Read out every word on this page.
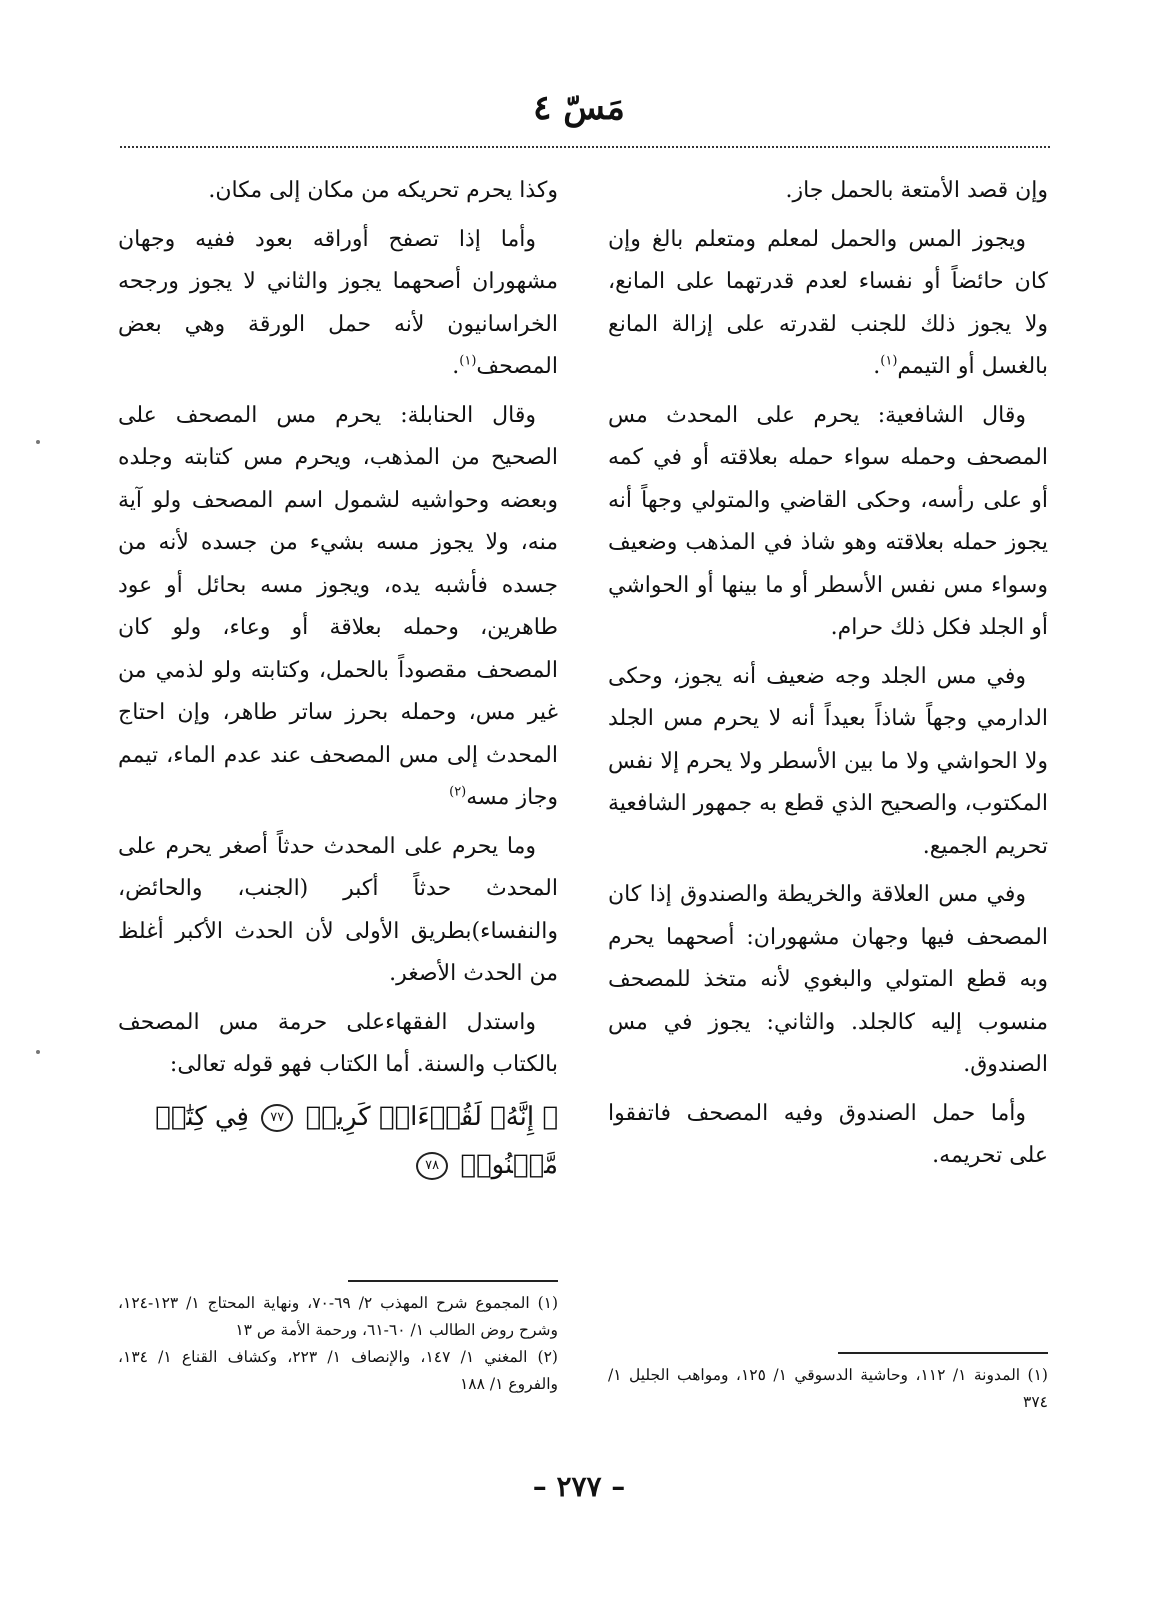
مَسّ ٤

وإن قصد الأمتعة بالحمل جاز.

ويجوز المس والحمل لمعلم ومتعلم بالغ وإن كان حائضاً أو نفساء لعدم قدرتهما على المانع، ولا يجوز ذلك للجنب لقدرته على إزالة المانع بالغسل أو التيمم$^{(١)}$.

وقال الشافعية: يحرم على المحدث مس المصحف وحمله سواء حمله بعلاقته أو في كمه أو على رأسه، وحكى القاضي والمتولي وجهاً أنه يجوز حمله بعلاقته وهو شاذ في المذهب وضعيف وسواء مس نفس الأسطر أو ما بينها أو الحواشي أو الجلد فكل ذلك حرام.

وفي مس الجلد وجه ضعيف أنه يجوز، وحكى الدارمي وجهاً شاذاً بعيداً أنه لا يحرم مس الجلد ولا الحواشي ولا ما بين الأسطر ولا يحرم إلا نفس المكتوب، والصحيح الذي قطع به جمهور الشافعية تحريم الجميع.

وفي مس العلاقة والخريطة والصندوق إذا كان المصحف فيها وجهان مشهوران: أصحهما يحرم وبه قطع المتولي والبغوي لأنه متخذ للمصحف منسوب إليه كالجلد. والثاني: يجوز في مس الصندوق.

وأما حمل الصندوق وفيه المصحف فاتفقوا على تحريمه.

وكذا يحرم تحريكه من مكان إلى مكان.

وأما إذا تصفح أوراقه بعود ففيه وجهان مشهوران أصحهما يجوز والثاني لا يجوز ورجحه الخراسانيون لأنه حمل الورقة وهي بعض المصحف$^{(١)}$.

وقال الحنابلة: يحرم مس المصحف على الصحيح من المذهب، ويحرم مس كتابته وجلده وبعضه وحواشيه لشمول اسم المصحف ولو آية منه، ولا يجوز مسه بشيء من جسده لأنه من جسده فأشبه يده، ويجوز مسه بحائل أو عود طاهرين، وحمله بعلاقة أو وعاء، ولو كان المصحف مقصوداً بالحمل، وكتابته ولو لذمي من غير مس، وحمله بحرز ساتر طاهر، وإن احتاج المحدث إلى مس المصحف عند عدم الماء، تيمم وجاز مسه$^{(٢)}$

وما يحرم على المحدث حدثاً أصغر يحرم على المحدث حدثاً أكبر (الجنب، والحائض، والنفساء)بطريق الأولى لأن الحدث الأكبر أغلظ من الحدث الأصغر.

واستدل الفقهاءعلى حرمة مس المصحف بالكتاب والسنة. أما الكتاب فهو قوله تعالى:

﴿ إِنَّهُۥ لَقُرۡءَانٞ كَرِيمٞ ٧٧ فِي كِتَٰبٖ مَّكۡنُونٖ ٧٨

(١) المجموع شرح المهذب ٢/ ٦٩-٧٠، ونهاية المحتاج ١/ ١٢٣-١٢٤، وشرح روض الطالب ١/ ٦٠-٦١، ورحمة الأمة ص ١٣

(٢) المغني ١/ ١٤٧، والإنصاف ١/ ٢٢٣، وكشاف القناع ١/ ١٣٤، والفروع ١/ ١٨٨	(١) المدونة ١/ ١١٢، وحاشية الدسوقي ١/ ١٢٥، ومواهب الجليل ١/ ٣٧٤

– ٢٧٧ –
